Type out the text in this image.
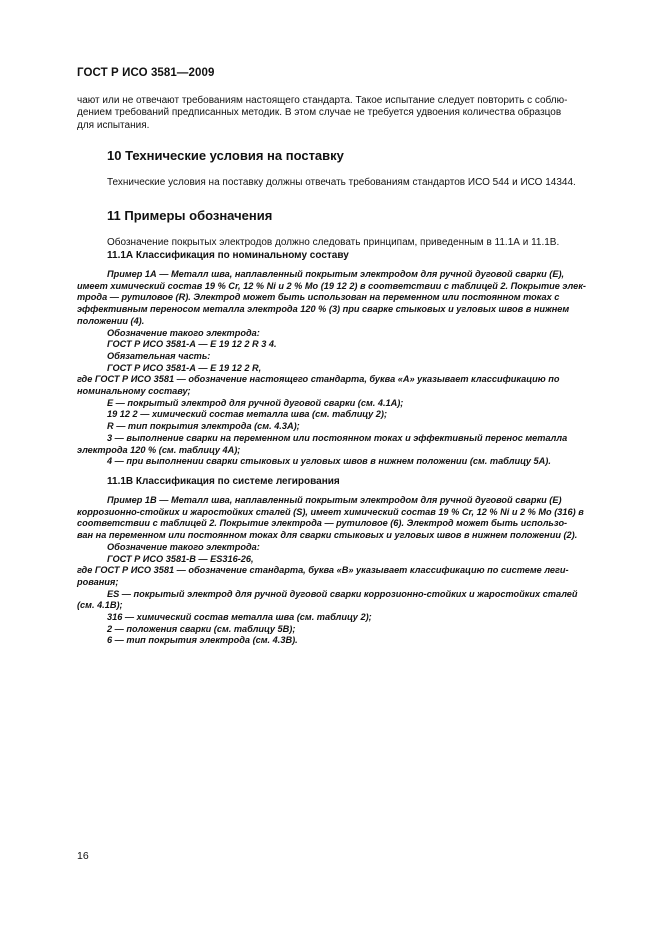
ГОСТ Р ИСО 3581—2009

чают или не отвечают требованиям настоящего стандарта. Такое испытание следует повторить с соблю-

дением требований предписанных методик. В этом случае не требуется удвоения количества образцов

для испытания.

10 Технические условия на поставку

Технические условия на поставку должны отвечать требованиям стандартов ИСО 544 и ИСО 14344.

11 Примеры обозначения

Обозначение покрытых электродов должно следовать принципам, приведенным в 11.1А и 11.1В.

11.1А Классификация по номинальному составу

Пример 1А — Металл шва, наплавленный покрытым электродом для ручной дуговой сварки (Е),

имеет химический состав 19 % Cr, 12 % Ni и 2 % Мо (19 12 2) в соответствии с таблицей 2. Покрытие элек-

трода — рутиловое (R). Электрод может быть использован на переменном или постоянном токах с

эффективным переносом металла электрода 120 % (3) при сварке стыковых и угловых швов в нижнем

положении (4).

Обозначение такого электрода:

ГОСТ Р ИСО 3581-А — Е 19 12 2 R 3 4.

Обязательная часть:

ГОСТ Р ИСО 3581-А — Е 19 12 2 R,

где ГОСТ Р ИСО 3581 — обозначение настоящего стандарта, буква «А» указывает классификацию по

номинальному составу;

Е — покрытый электрод для ручной дуговой сварки (см. 4.1А);

19 12 2 — химический состав металла шва (см. таблицу 2);

R — тип покрытия электрода (см. 4.3А);

3 — выполнение сварки на переменном или постоянном токах и эффективный перенос металла

электрода 120 % (см. таблицу 4А);

4 — при выполнении сварки стыковых и угловых швов в нижнем положении (см. таблицу 5А).

11.1В Классификация по системе легирования

Пример 1В — Металл шва, наплавленный покрытым электродом для ручной дуговой сварки (Е)

коррозионно-стойких и жаростойких сталей (S), имеет химический состав 19 % Cr, 12 % Ni и 2 % Мо (316) в

соответствии с таблицей 2. Покрытие электрода — рутиловое (6). Электрод может быть использо-

ван на переменном или постоянном токах для сварки стыковых и угловых швов в нижнем положении (2).

Обозначение такого электрода:

ГОСТ Р ИСО 3581-В — ES316-26,

где ГОСТ Р ИСО 3581 — обозначение стандарта, буква «В» указывает классификацию по системе леги-

рования;

ES — покрытый электрод для ручной дуговой сварки коррозионно-стойких и жаростойких сталей

(см. 4.1В);

316 — химический состав металла шва (см. таблицу 2);

2 — положения сварки (см. таблицу 5В);

6 — тип покрытия электрода (см. 4.3В).

16
